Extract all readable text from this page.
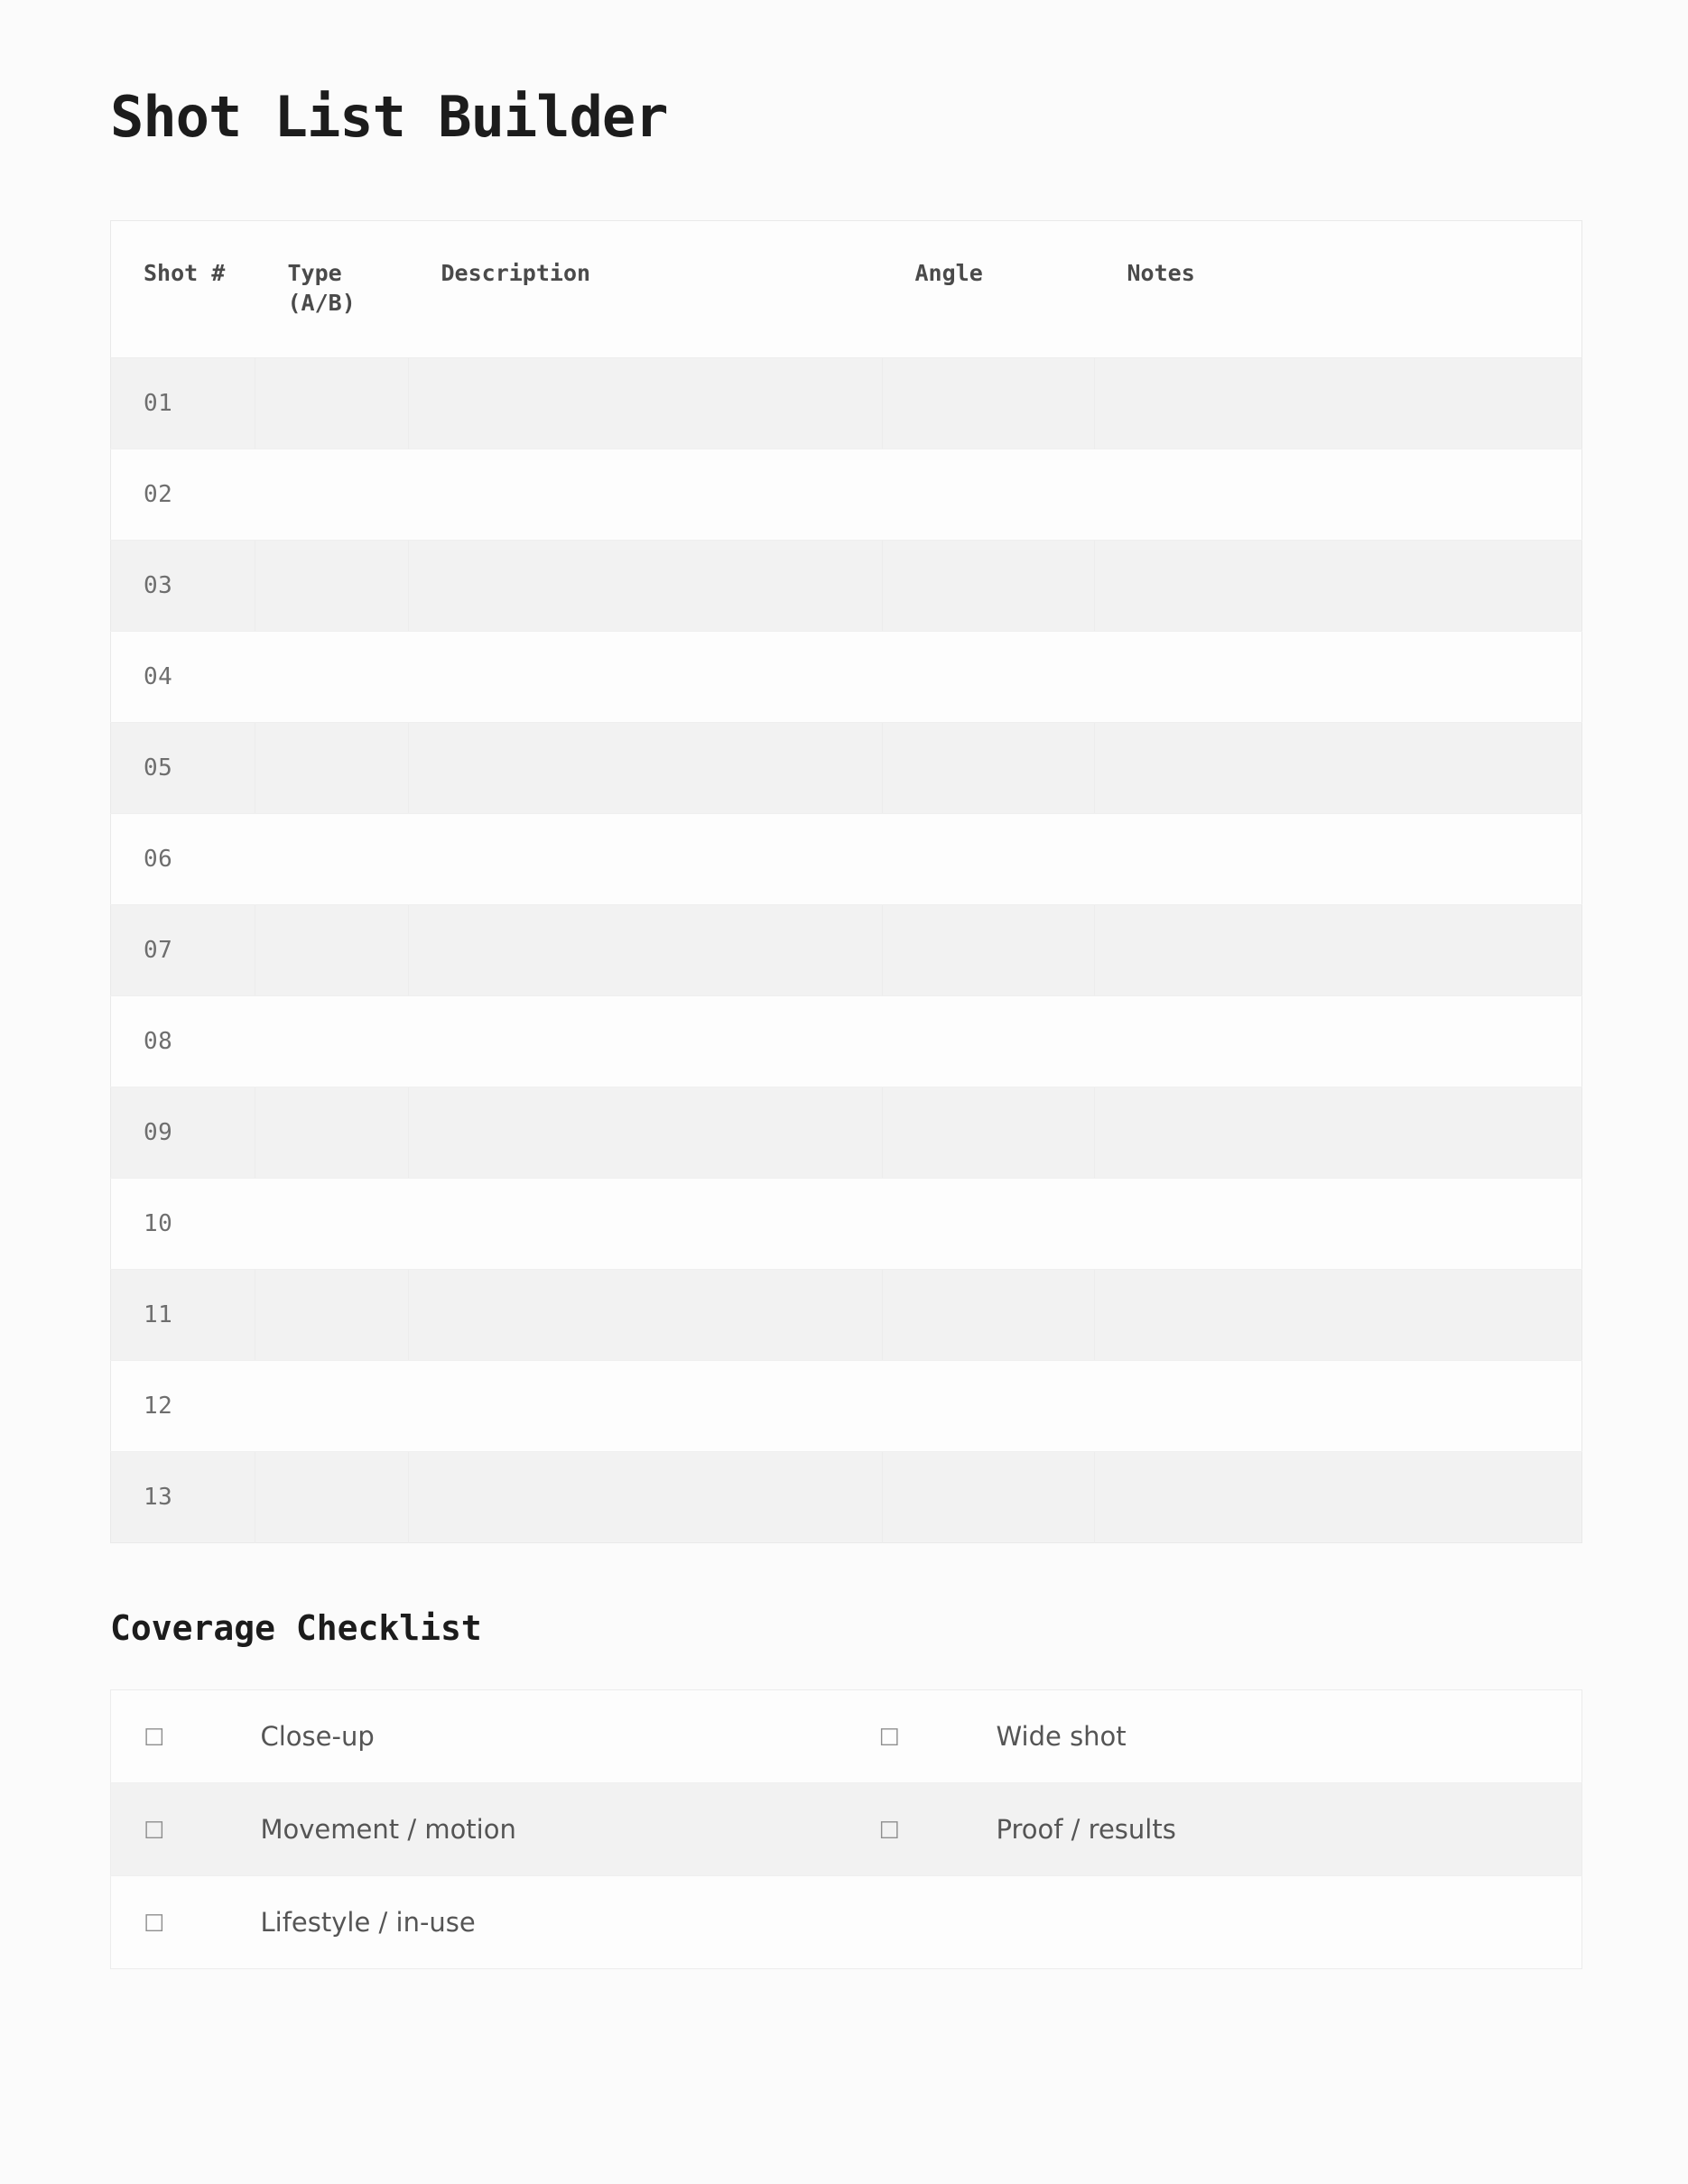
Shot List Builder
Shot #	Type (A/B)	Description	Angle	Notes
01				
02				
03				
04				
05				
06				
07				
08				
09				
10				
11				
12				
13				
Coverage Checklist
☐	Close-up	☐	Wide shot
☐	Movement / motion	☐	Proof / results
☐	Lifestyle / in-use		
